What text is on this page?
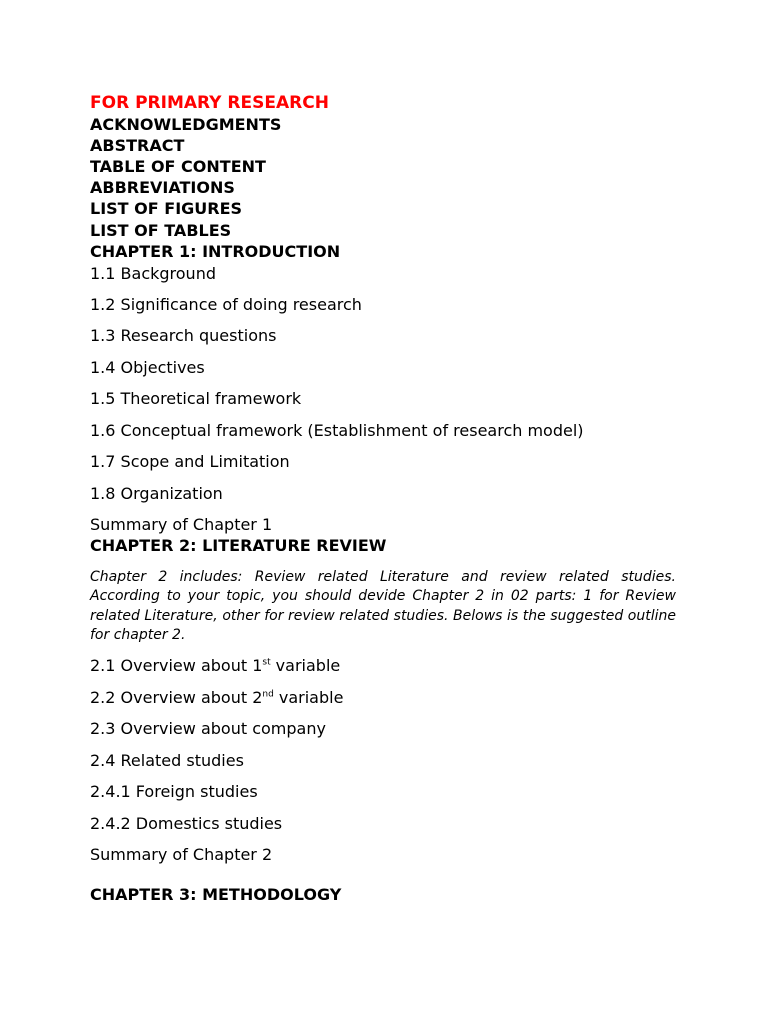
FOR PRIMARY RESEARCH
ACKNOWLEDGMENTS
ABSTRACT
TABLE OF CONTENT
ABBREVIATIONS
LIST OF FIGURES
LIST OF TABLES
CHAPTER 1: INTRODUCTION
1.1 Background
1.2 Significance of doing research
1.3 Research questions
1.4 Objectives
1.5 Theoretical framework
1.6 Conceptual framework (Establishment of research model)
1.7 Scope and Limitation
1.8 Organization
Summary of Chapter 1
CHAPTER 2: LITERATURE REVIEW
Chapter 2 includes: Review related Literature and review related studies. According to your topic, you should devide Chapter 2 in 02 parts: 1 for Review related Literature, other for review related studies. Belows is the suggested outline for chapter 2.
2.1 Overview about 1st variable
2.2 Overview about 2nd variable
2.3 Overview about company
2.4 Related studies
2.4.1 Foreign studies
2.4.2 Domestics studies
Summary of Chapter 2
CHAPTER 3: METHODOLOGY
